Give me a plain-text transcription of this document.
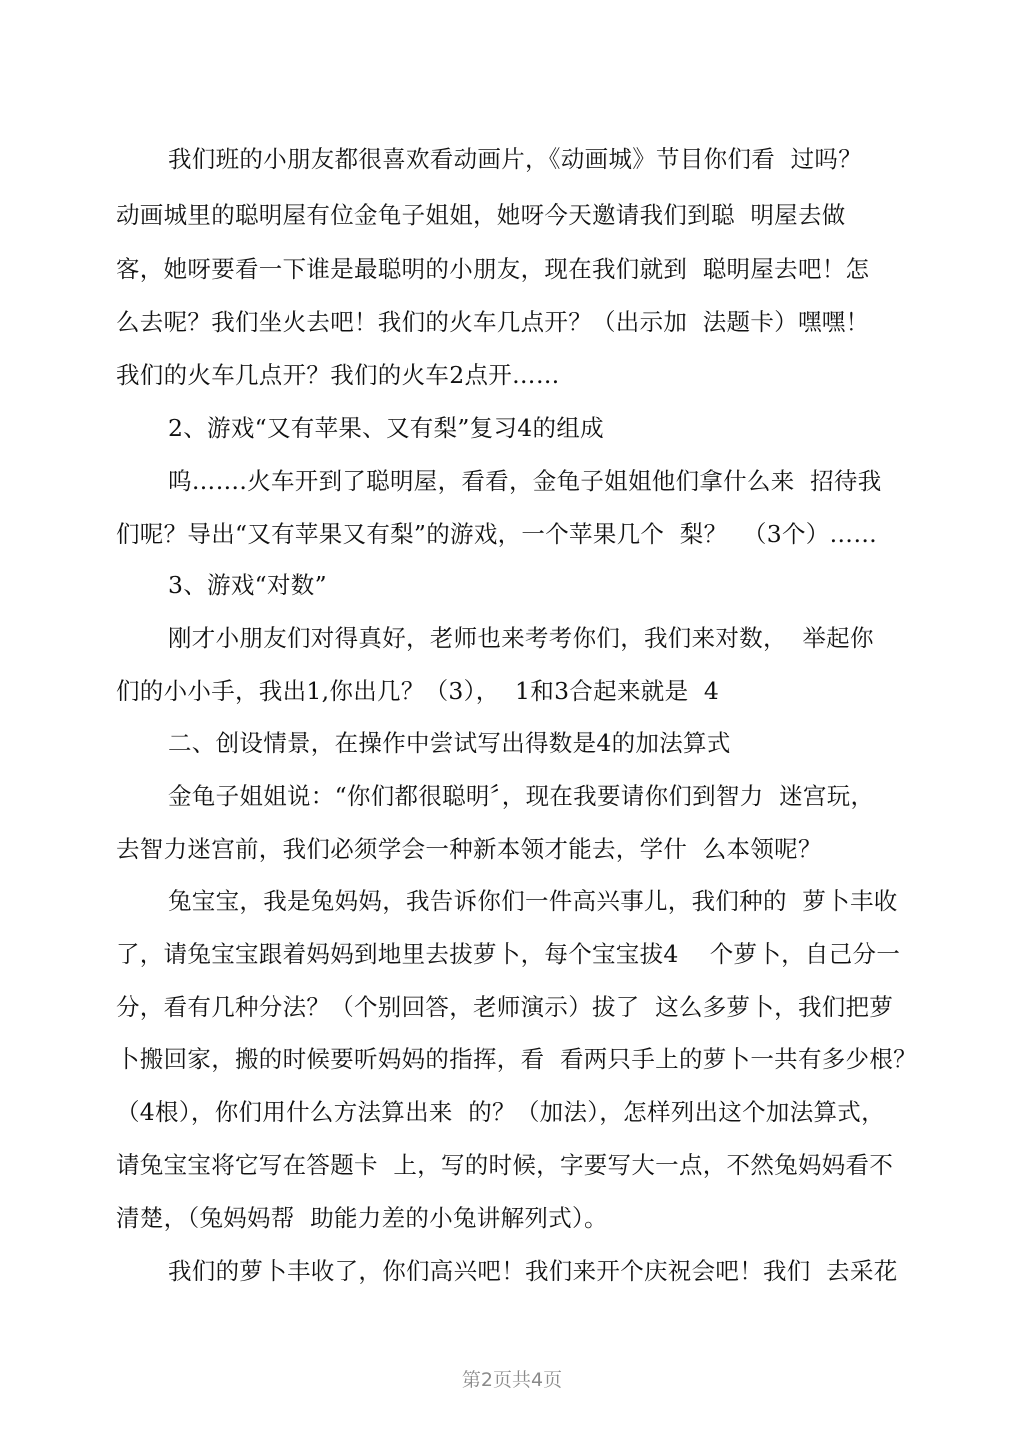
我们班的小朋友都很喜欢看动画片，《动画城》节目你们看  过吗？
动画城里的聪明屋有位金龟子姐姐，她呀今天邀请我们到聪  明屋去做
客，她呀要看一下谁是最聪明的小朋友，现在我们就到  聪明屋去吧！怎
么去呢？我们坐火去吧！我们的火车几点开？（出示加  法题卡）嘿嘿！
我们的火车几点开？我们的火车2点开……
2、游戏“又有苹果、又有梨”复习4的组成
呜…….火车开到了聪明屋，看看，金龟子姐姐他们拿什么来  招待我
们呢？导出“又有苹果又有梨”的游戏，一个苹果几个  梨？  （3个）……
3、游戏“对数”
刚才小朋友们对得真好，老师也来考考你们，我们来对数，  举起你
们的小小手，我出1,你出几？（3），  1和3合起来就是  4
二、创设情景，在操作中尝试写出得数是4的加法算式
金龟子姐姐说：“你们都很聪明〞，现在我要请你们到智力  迷宫玩，
去智力迷宫前，我们必须学会一种新本领才能去，学什  么本领呢？
兔宝宝，我是兔妈妈，我告诉你们一件高兴事儿，我们种的  萝卜丰收
了，请兔宝宝跟着妈妈到地里去拔萝卜，每个宝宝拔4    个萝卜，自己分一
分，看有几种分法？（个别回答，老师演示）拔了  这么多萝卜，我们把萝
卜搬回家，搬的时候要听妈妈的指挥，看  看两只手上的萝卜一共有多少根？
（4根），你们用什么方法算出来  的？（加法），怎样列出这个加法算式，
请兔宝宝将它写在答题卡  上，写的时候，字要写大一点，不然兔妈妈看不
清楚，（兔妈妈帮  助能力差的小兔讲解列式）。
我们的萝卜丰收了，你们高兴吧！我们来开个庆祝会吧！我们  去采花
第2页共4页
